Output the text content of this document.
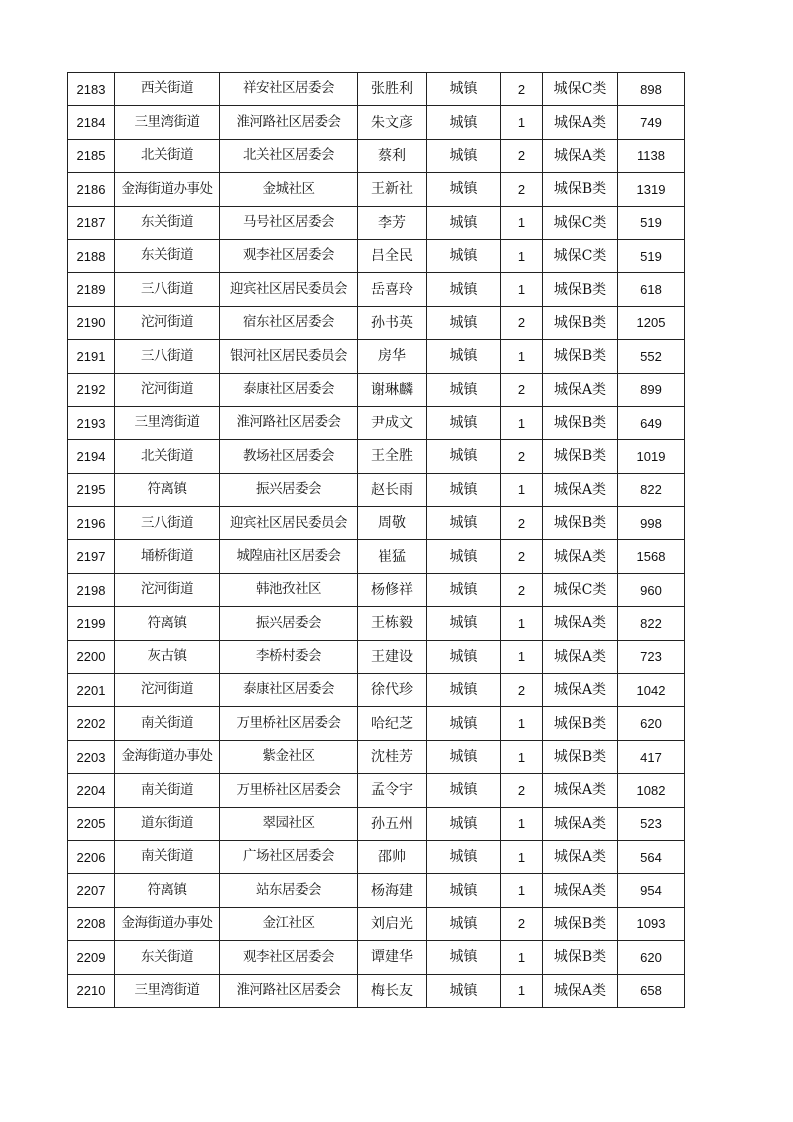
2183	西关街道	祥安社区居委会	张胜利	城镇	2	城保C类	898
2184	三里湾街道	淮河路社区居委会	朱文彦	城镇	1	城保A类	749
2185	北关街道	北关社区居委会	蔡利	城镇	2	城保A类	1138
2186	金海街道办事处	金城社区	王新社	城镇	2	城保B类	1319
2187	东关街道	马号社区居委会	李芳	城镇	1	城保C类	519
2188	东关街道	观李社区居委会	吕全民	城镇	1	城保C类	519
2189	三八街道	迎宾社区居民委员会	岳喜玲	城镇	1	城保B类	618
2190	沱河街道	宿东社区居委会	孙书英	城镇	2	城保B类	1205
2191	三八街道	银河社区居民委员会	房华	城镇	1	城保B类	552
2192	沱河街道	泰康社区居委会	谢琳麟	城镇	2	城保A类	899
2193	三里湾街道	淮河路社区居委会	尹成文	城镇	1	城保B类	649
2194	北关街道	教场社区居委会	王全胜	城镇	2	城保B类	1019
2195	符离镇	振兴居委会	赵长雨	城镇	1	城保A类	822
2196	三八街道	迎宾社区居民委员会	周敬	城镇	2	城保B类	998
2197	埇桥街道	城隍庙社区居委会	崔猛	城镇	2	城保A类	1568
2198	沱河街道	韩池孜社区	杨修祥	城镇	2	城保C类	960
2199	符离镇	振兴居委会	王栋毅	城镇	1	城保A类	822
2200	灰古镇	李桥村委会	王建设	城镇	1	城保A类	723
2201	沱河街道	泰康社区居委会	徐代珍	城镇	2	城保A类	1042
2202	南关街道	万里桥社区居委会	哈纪芝	城镇	1	城保B类	620
2203	金海街道办事处	紫金社区	沈桂芳	城镇	1	城保B类	417
2204	南关街道	万里桥社区居委会	孟令宇	城镇	2	城保A类	1082
2205	道东街道	翠园社区	孙五州	城镇	1	城保A类	523
2206	南关街道	广场社区居委会	邵帅	城镇	1	城保A类	564
2207	符离镇	站东居委会	杨海建	城镇	1	城保A类	954
2208	金海街道办事处	金江社区	刘启光	城镇	2	城保B类	1093
2209	东关街道	观李社区居委会	谭建华	城镇	1	城保B类	620
2210	三里湾街道	淮河路社区居委会	梅长友	城镇	1	城保A类	658
